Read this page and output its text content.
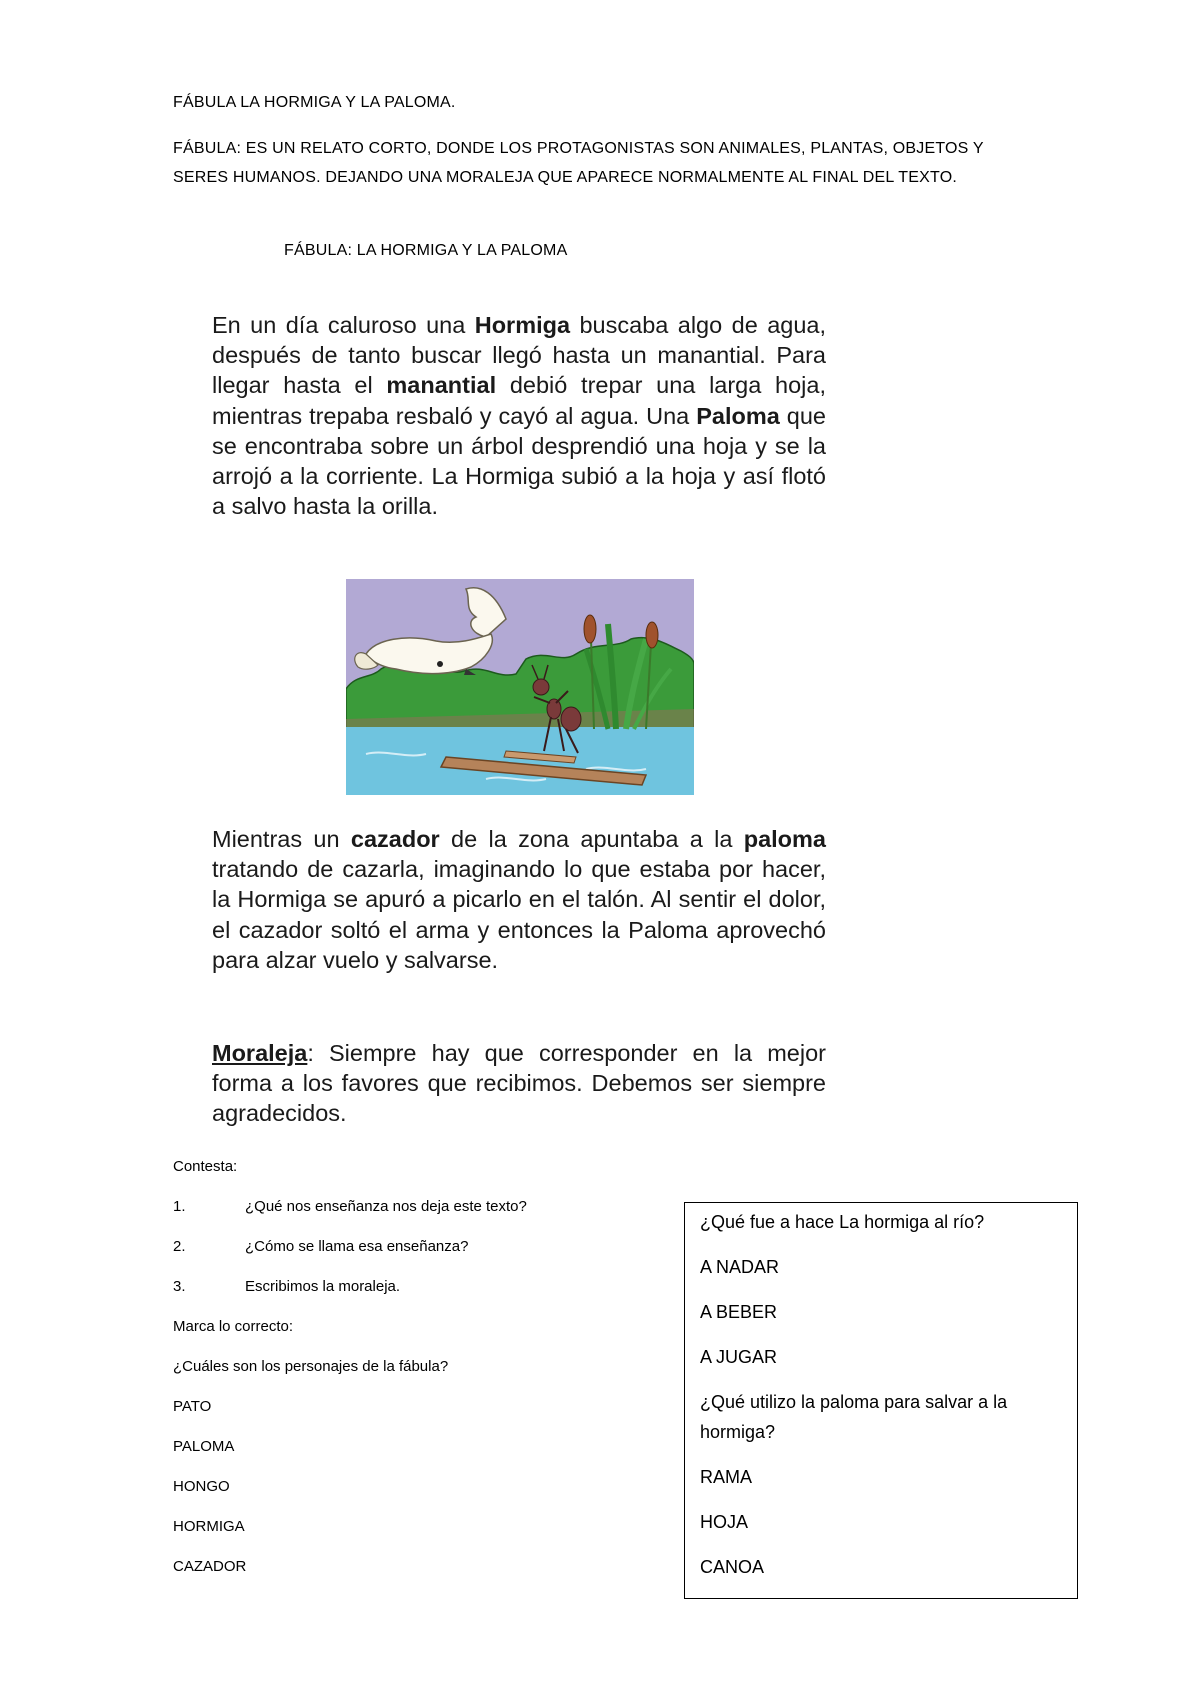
FÁBULA LA HORMIGA Y LA PALOMA.
FÁBULA: ES UN RELATO CORTO, DONDE LOS PROTAGONISTAS SON ANIMALES, PLANTAS, OBJETOS Y SERES HUMANOS. DEJANDO UNA MORALEJA QUE APARECE NORMALMENTE AL FINAL DEL TEXTO.
FÁBULA: LA HORMIGA Y LA PALOMA

En un día caluroso una Hormiga buscaba algo de agua, después de tanto buscar llegó hasta un manantial. Para llegar hasta el manantial debió trepar una larga hoja, mientras trepaba resbaló y cayó al agua. Una Paloma que se encontraba sobre un árbol desprendió una hoja y se la arrojó a la corriente. La Hormiga subió a la hoja y así flotó a salvo hasta la orilla.

Mientras un cazador de la zona apuntaba a la paloma tratando de cazarla, imaginando lo que estaba por hacer, la Hormiga se apuró a picarlo en el talón. Al sentir el dolor, el cazador soltó el arma y entonces la Paloma aprovechó para alzar vuelo y salvarse.

Moraleja: Siempre hay que corresponder en la mejor forma a los favores que recibimos. Debemos ser siempre agradecidos.

Contesta:
1.	¿Qué nos enseñanza nos deja este texto?
2.	¿Cómo se llama esa enseñanza?
3.	Escribimos la moraleja.
Marca lo correcto:
¿Cuáles son los personajes de la fábula?
PATO
PALOMA
HONGO
HORMIGA
CAZADOR
¿Qué fue a hace La hormiga al río?
A NADAR
A BEBER
A JUGAR
¿Qué utilizo la paloma para salvar a la hormiga?
RAMA
HOJA
CANOA
